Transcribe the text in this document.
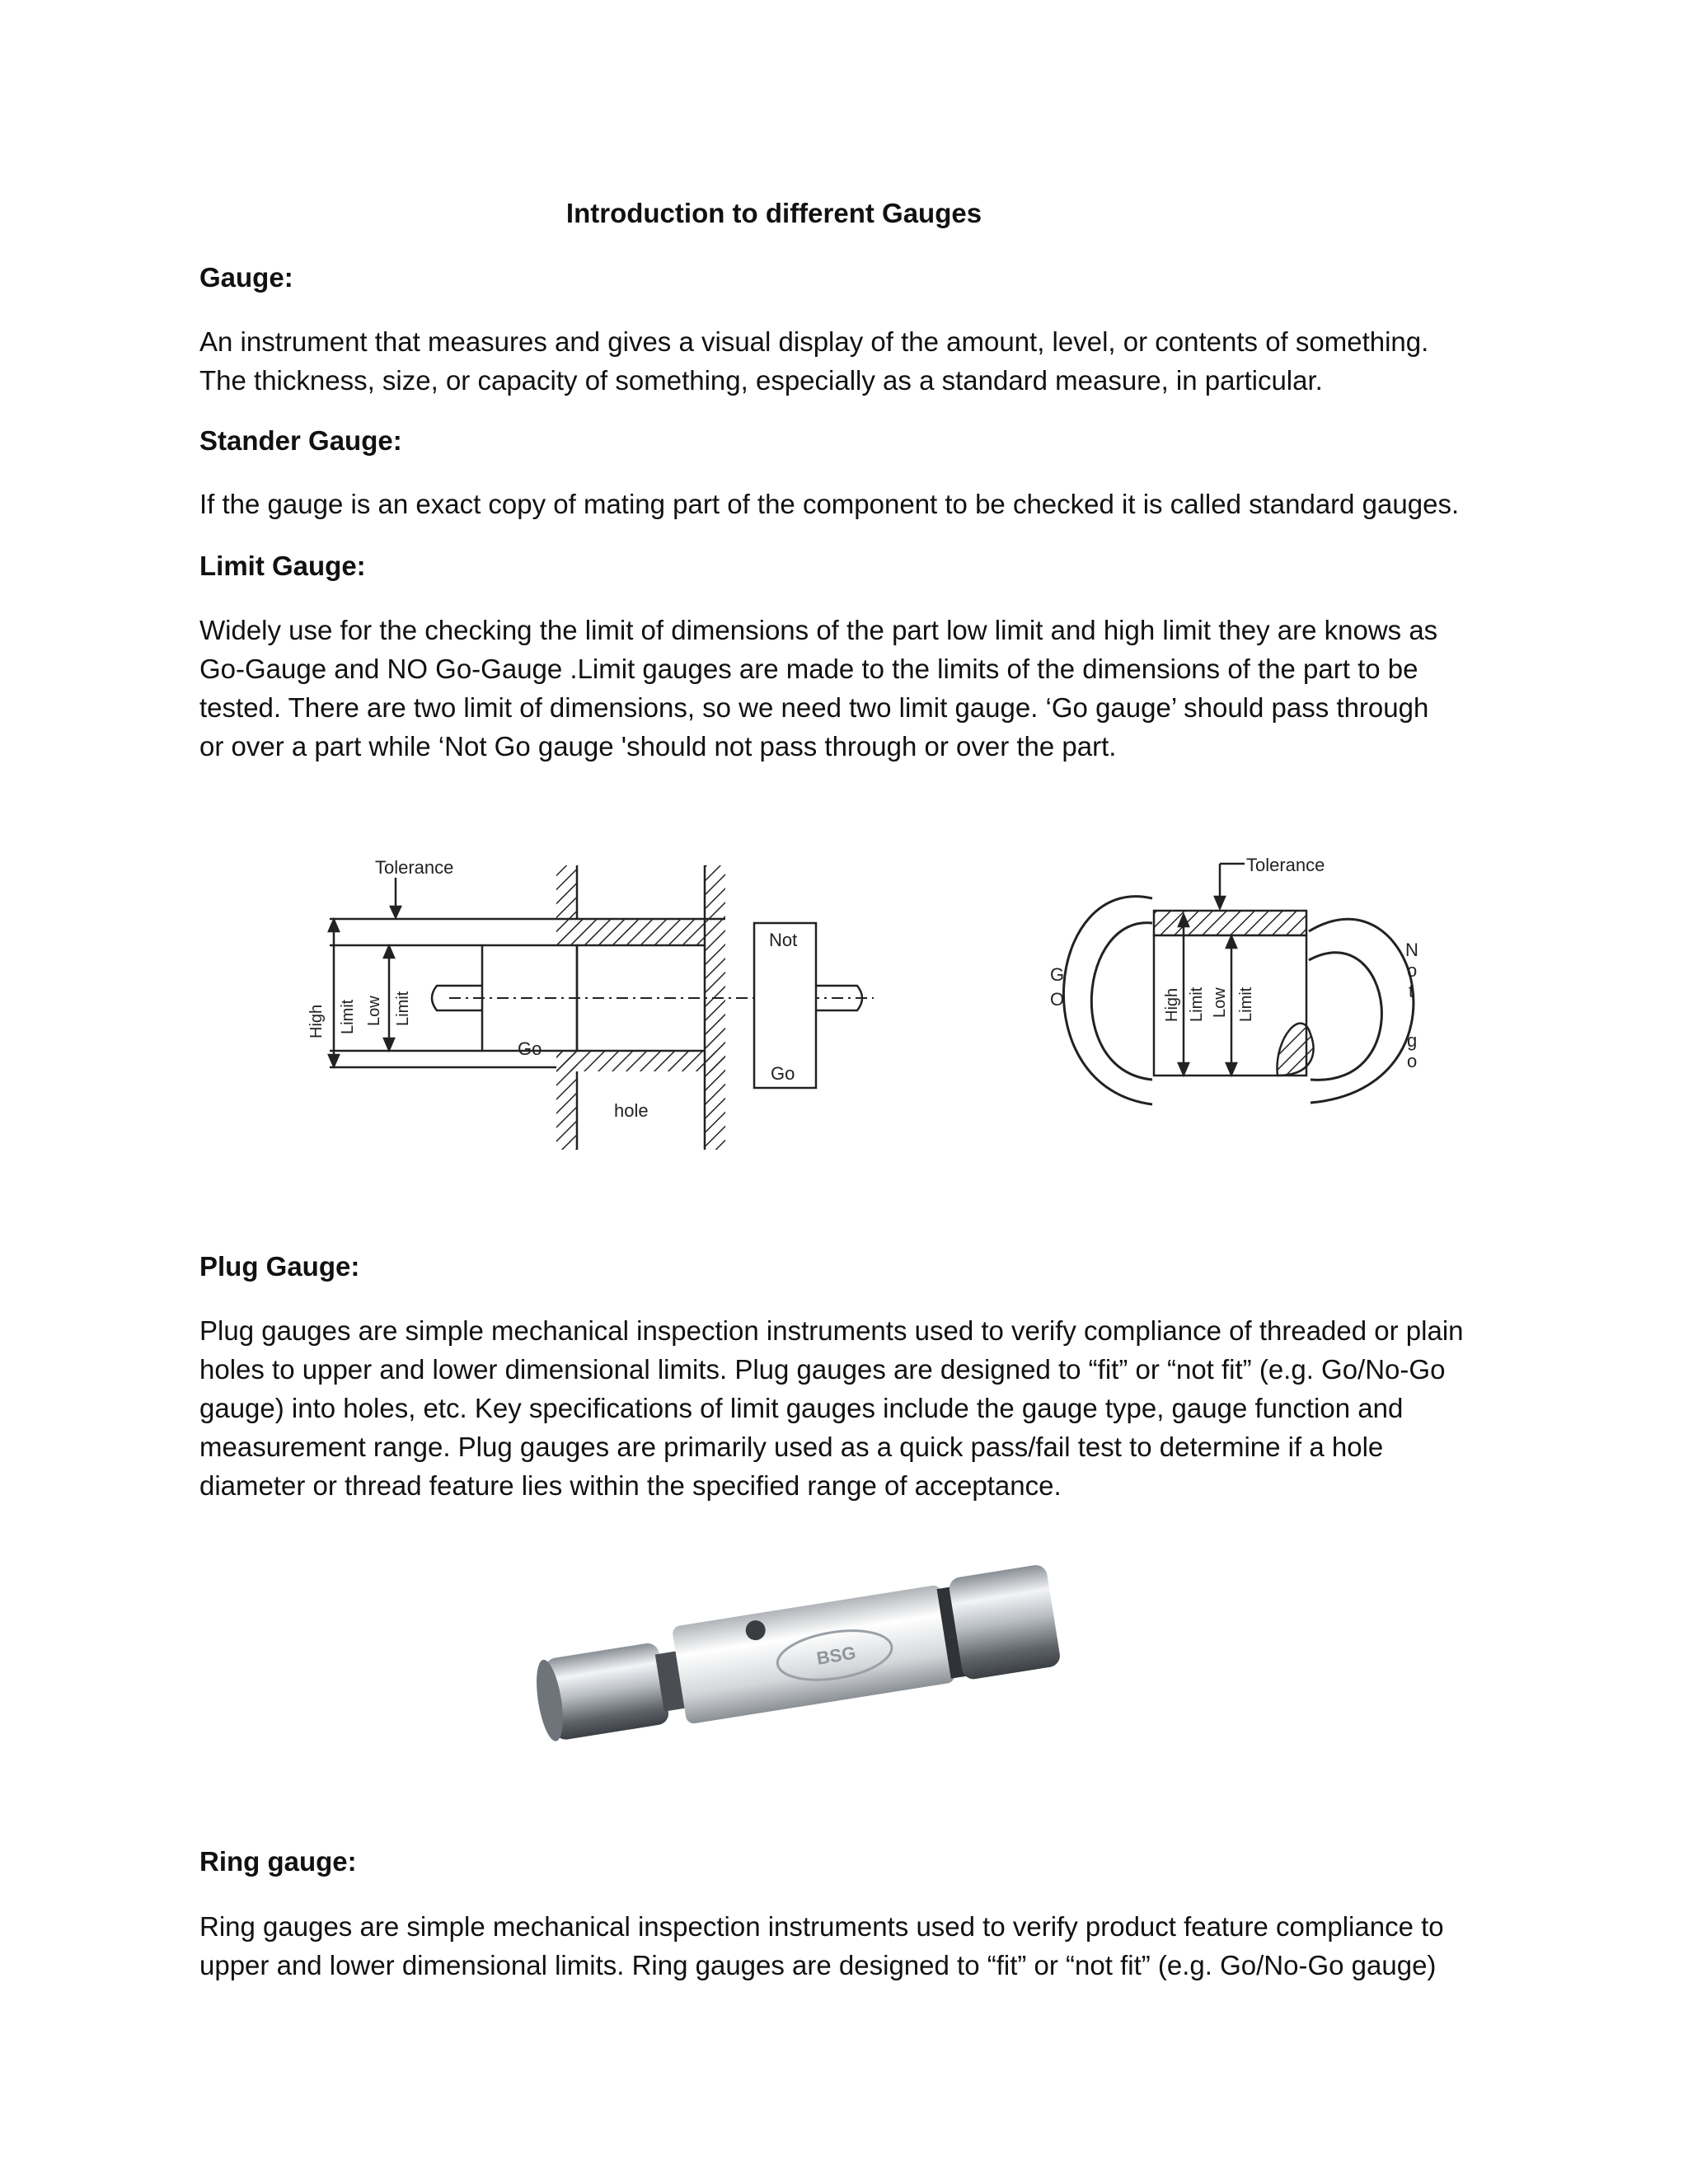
Introduction to different Gauges
Gauge:
An instrument that measures and gives a visual display of the amount, level, or contents of something.
The thickness, size, or capacity of something, especially as a standard measure, in particular.
Stander Gauge:
If the gauge is an exact copy of mating part of the component to be checked it is called standard gauges.
Limit Gauge:
Widely use for the checking the limit of dimensions of the part low limit and high limit they are knows as
Go-Gauge and NO Go-Gauge .Limit gauges are made to the limits of the dimensions of the part to be
tested. There are two limit of dimensions, so we need two limit gauge. ‘Go gauge’ should pass through
or over a part while ‘Not Go gauge 'should not pass through or over the part.
Tolerance
High Limit Low Limit
Go
hole
Not
Go
Tolerance
G
O	High Limit Low Limit
N
o
t
g
o
Plug Gauge:
Plug gauges are simple mechanical inspection instruments used to verify compliance of threaded or plain
holes to upper and lower dimensional limits. Plug gauges are designed to “fit” or “not fit” (e.g. Go/No-Go
gauge) into holes, etc. Key specifications of limit gauges include the gauge type, gauge function and
measurement range. Plug gauges are primarily used as a quick pass/fail test to determine if a hole
diameter or thread feature lies within the specified range of acceptance.
BSG
Ring gauge:
Ring gauges are simple mechanical inspection instruments used to verify product feature compliance to
upper and lower dimensional limits. Ring gauges are designed to “fit” or “not fit” (e.g. Go/No-Go gauge)
